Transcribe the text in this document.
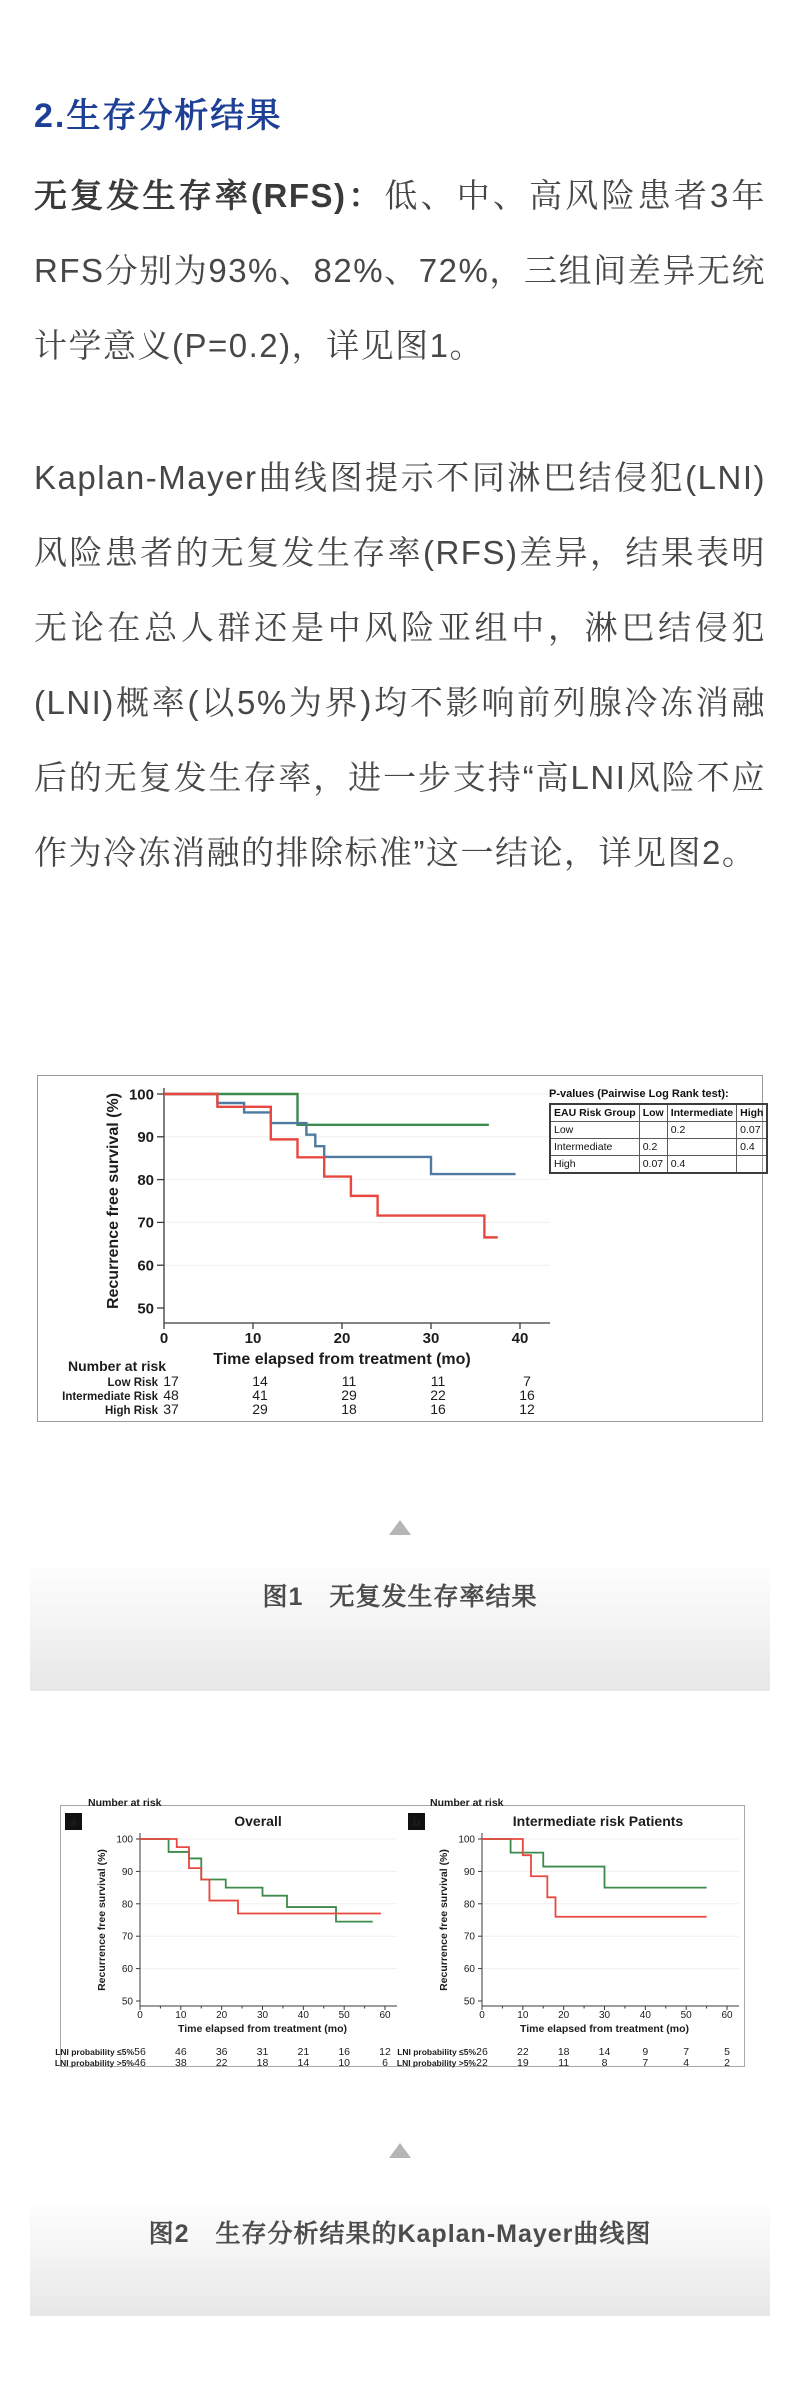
2.生存分析结果

无复发生存率(RFS)：低、中、高风险患者3年RFS分别为93%、82%、72%，三组间差异无统计学意义(P=0.2)，详见图1。

Kaplan-Mayer曲线图提示不同淋巴结侵犯(LNI)风险患者的无复发生存率(RFS)差异，结果表明无论在总人群还是中风险亚组中，淋巴结侵犯(LNI)概率(以5%为界)均不影响前列腺冷冻消融后的无复发生存率，进一步支持“高LNI风险不应作为冷冻消融的排除标准”这一结论，详见图2。

100
90
80
70
60
50
0	10	20	30	40
Time elapsed from treatment (mo)
Recurrence free survival (%)
Number at risk
Low Risk 17	14	11	11	7
Intermediate Risk 48	41	29	22	16
High Risk 37	29	18	16	12
P-values (Pairwise Log Rank test):
EAU Risk Group	Low	Intermediate	High
Low		0.2	0.07
Intermediate	0.2		0.4
High	0.07	0.4	
图1　无复发生存率结果
100
90
80
70
60
50
0	10	20	30	40	50	60
Time elapsed from treatment (mo)
Recurrence free survival (%)
Number at risk
LNI probability ≤5% 56	46	36	31	21	16	12
LNI probability >5% 46	38	22	18	14	10	6
a	Overall
100
90
80
70
60
50
0	10	20	30	40	50	60
Time elapsed from treatment (mo)
Recurrence free survival (%)
Number at risk
LNI probability ≤5% 26	22	18	14	9	7	5
LNI probability >5% 22	19	11	8	7	4	2
b	Intermediate risk Patients
图2　生存分析结果的Kaplan-Mayer曲线图
